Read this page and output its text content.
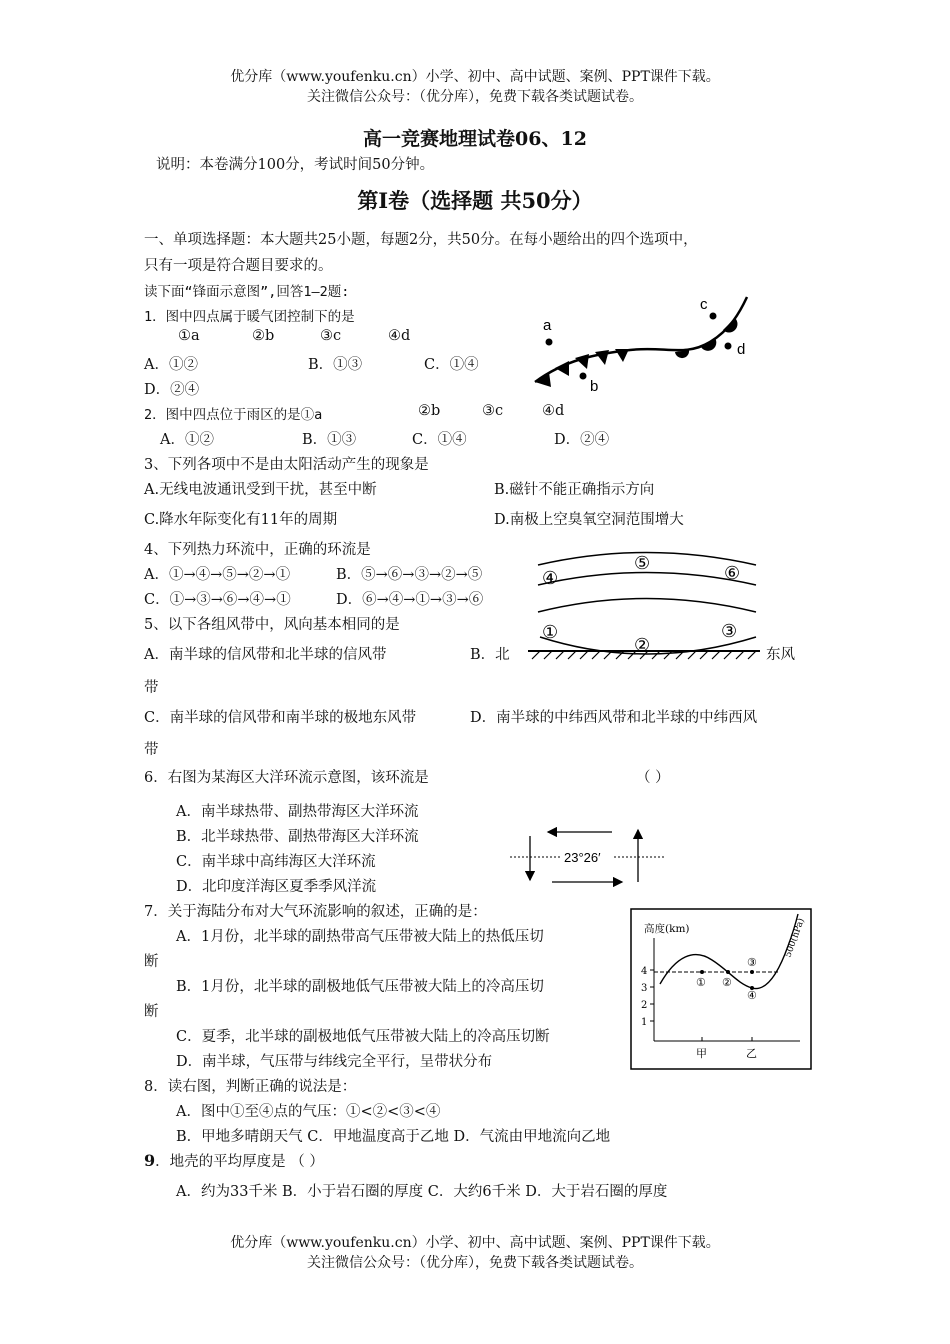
优分库（www.youfenku.cn）小学、初中、高中试题、案例、PPT课件下载。
关注微信公众号：（优分库），免费下载各类试题试卷。
高一竞赛地理试卷06、12
说明：本卷满分100分，考试时间50分钟。
第Ⅰ卷（选择题 共50分）
一、单项选择题：本大题共25小题，每题2分，共50分。在每小题给出的四个选项中，
只有一项是符合题目要求的。
读下面“锋面示意图”,回答1—2题:
1．图中四点属于暖气团控制下的是
①a	②b	③c	④d
A．①②	B．①③	C．①④
D．②④
2．图中四点位于雨区的是①a	②b	③c	④d
A．①②	B．①③	C．①④	D．②④
3、下列各项中不是由太阳活动产生的现象是
A.无线电波通讯受到干扰，甚至中断	B.磁针不能正确指示方向
C.降水年际变化有11年的周期	D.南极上空臭氧空洞范围增大
4、下列热力环流中，正确的环流是
A．①→④→⑤→②→①	B．⑤→⑥→③→②→⑤
C．①→③→⑥→④→①	D．⑥→④→①→③→⑥
5、以下各组风带中，风向基本相同的是
A．南半球的信风带和北半球的信风带	B．北	东风
带
C．南半球的信风带和南半球的极地东风带	D．南半球的中纬西风带和北半球的中纬西风
带
6．右图为某海区大洋环流示意图，该环流是	（ ）
A．南半球热带、副热带海区大洋环流
B．北半球热带、副热带海区大洋环流
C．南半球中高纬海区大洋环流
D．北印度洋海区夏季季风洋流
7．关于海陆分布对大气环流影响的叙述，正确的是：
A．1月份，北半球的副热带高气压带被大陆上的热低压切
断
B．1月份，北半球的副极地低气压带被大陆上的冷高压切
断
C．夏季，北半球的副极地低气压带被大陆上的冷高压切断
D．南半球，气压带与纬线完全平行，呈带状分布
8．读右图，判断正确的说法是：
A．图中①至④点的气压：①<②<③<④
B．甲地多晴朗天气 C．甲地温度高于乙地 D．气流由甲地流向乙地
9．地壳的平均厚度是 （ ）
A．约为33千米 B．小于岩石圈的厚度 C．大约6千米 D．大于岩石圈的厚度
优分库（www.youfenku.cn）小学、初中、高中试题、案例、PPT课件下载。
关注微信公众号：（优分库），免费下载各类试题试卷。
a
b
c
d
①
②
③
④
⑤	⑥
23°26′
高度(km)
4
3
2
1
500(hPa)
① ②
③
④
甲	乙
